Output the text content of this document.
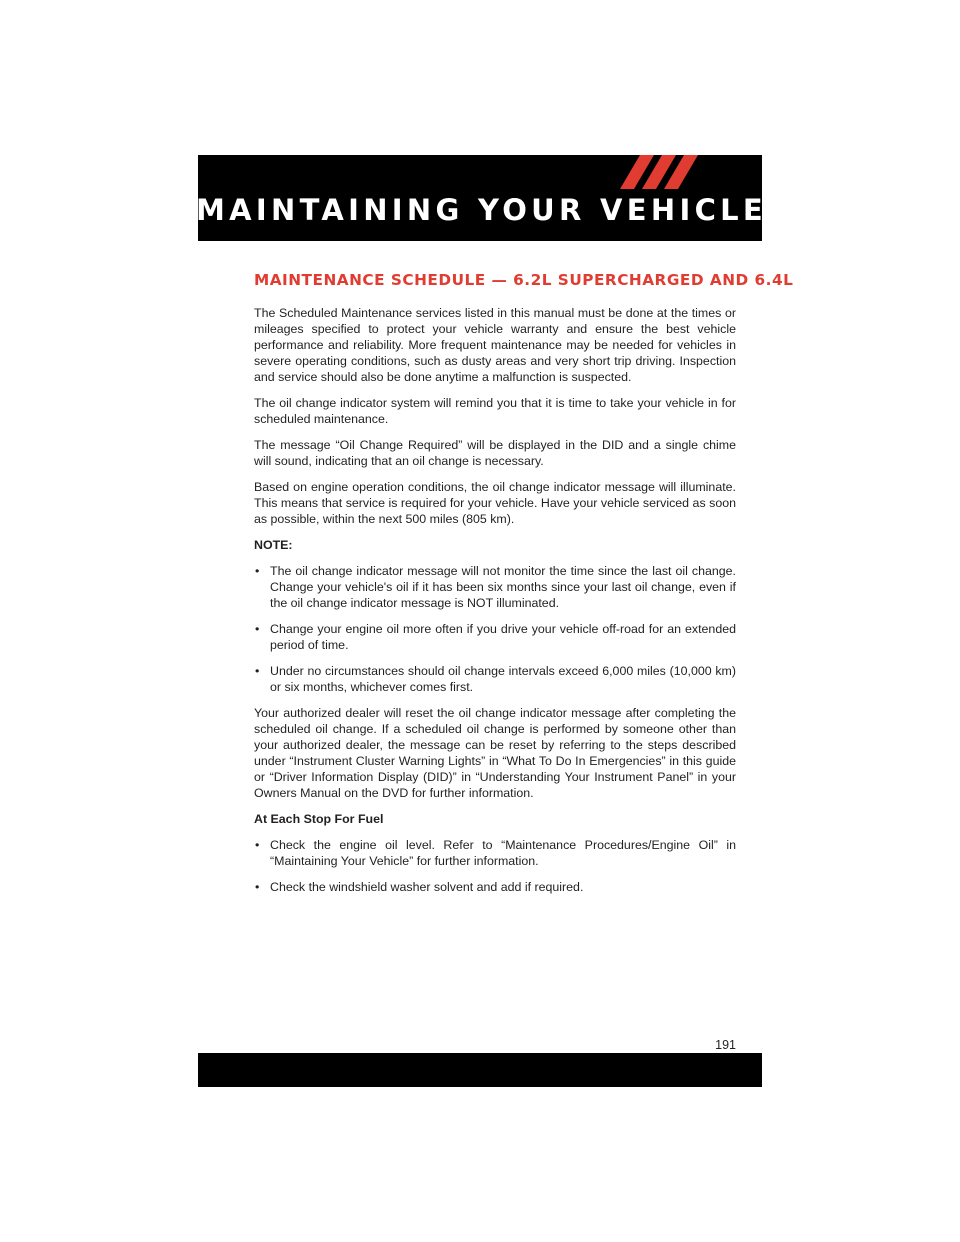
MAINTAINING YOUR VEHICLE
MAINTENANCE SCHEDULE — 6.2L SUPERCHARGED AND 6.4L

The Scheduled Maintenance services listed in this manual must be done at the times or mileages specified to protect your vehicle warranty and ensure the best vehicle performance and reliability. More frequent maintenance may be needed for vehicles in severe operating conditions, such as dusty areas and very short trip driving. Inspection and service should also be done anytime a malfunction is suspected.

The oil change indicator system will remind you that it is time to take your vehicle in for scheduled maintenance.

The message “Oil Change Required” will be displayed in the DID and a single chime will sound, indicating that an oil change is necessary.

Based on engine operation conditions, the oil change indicator message will illuminate. This means that service is required for your vehicle. Have your vehicle serviced as soon as possible, within the next 500 miles (805 km).

NOTE:
• The oil change indicator message will not monitor the time since the last oil change. Change your vehicle's oil if it has been six months since your last oil change, even if the oil change indicator message is NOT illuminated.
• Change your engine oil more often if you drive your vehicle off-road for an extended period of time.
• Under no circumstances should oil change intervals exceed 6,000 miles (10,000 km) or six months, whichever comes first.

Your authorized dealer will reset the oil change indicator message after completing the scheduled oil change. If a scheduled oil change is performed by someone other than your authorized dealer, the message can be reset by referring to the steps described under “Instrument Cluster Warning Lights” in “What To Do In Emergencies” in this guide or “Driver Information Display (DID)” in “Understanding Your Instrument Panel” in your Owners Manual on the DVD for further information.

At Each Stop For Fuel
• Check the engine oil level. Refer to “Maintenance Procedures/Engine Oil” in “Maintaining Your Vehicle” for further information.
• Check the windshield washer solvent and add if required.
191
